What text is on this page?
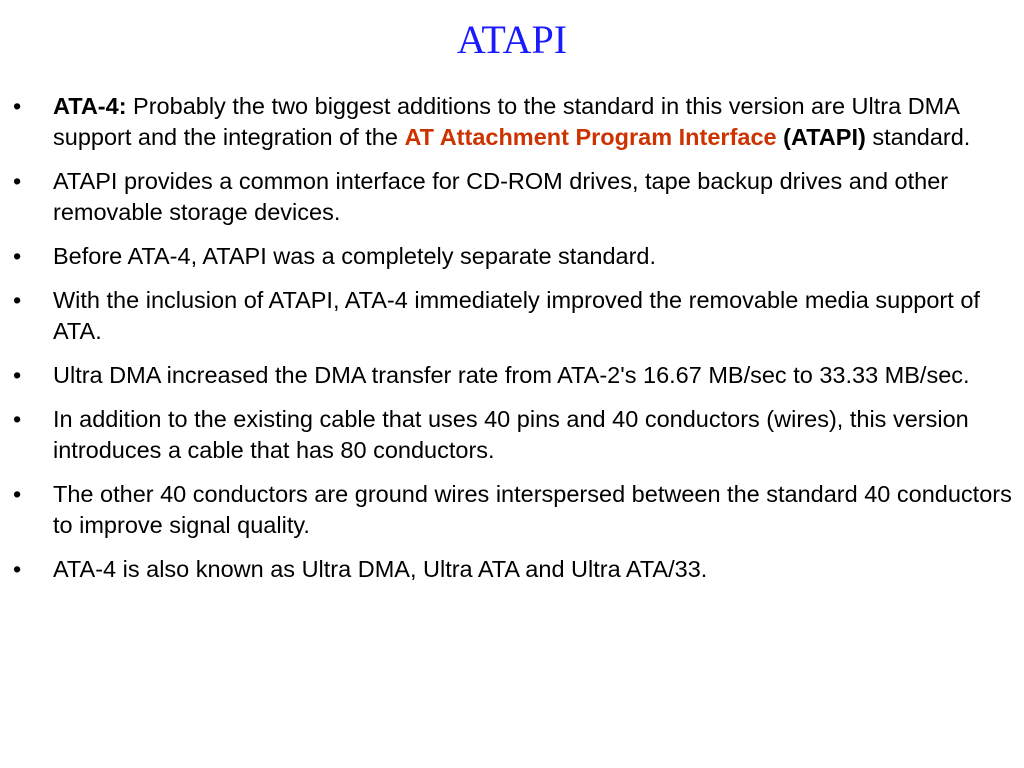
ATAPI
• ATA-4: Probably the two biggest additions to the standard in this version are Ultra DMA support and the integration of the AT Attachment Program Interface (ATAPI) standard.
• ATAPI provides a common interface for CD-ROM drives, tape backup drives and other removable storage devices.
• Before ATA-4, ATAPI was a completely separate standard.
• With the inclusion of ATAPI, ATA-4 immediately improved the removable media support of ATA.
• Ultra DMA increased the DMA transfer rate from ATA-2's 16.67 MB/sec to 33.33 MB/sec.
• In addition to the existing cable that uses 40 pins and 40 conductors (wires), this version introduces a cable that has 80 conductors.
• The other 40 conductors are ground wires interspersed between the standard 40 conductors to improve signal quality.
• ATA-4 is also known as Ultra DMA, Ultra ATA and Ultra ATA/33.
